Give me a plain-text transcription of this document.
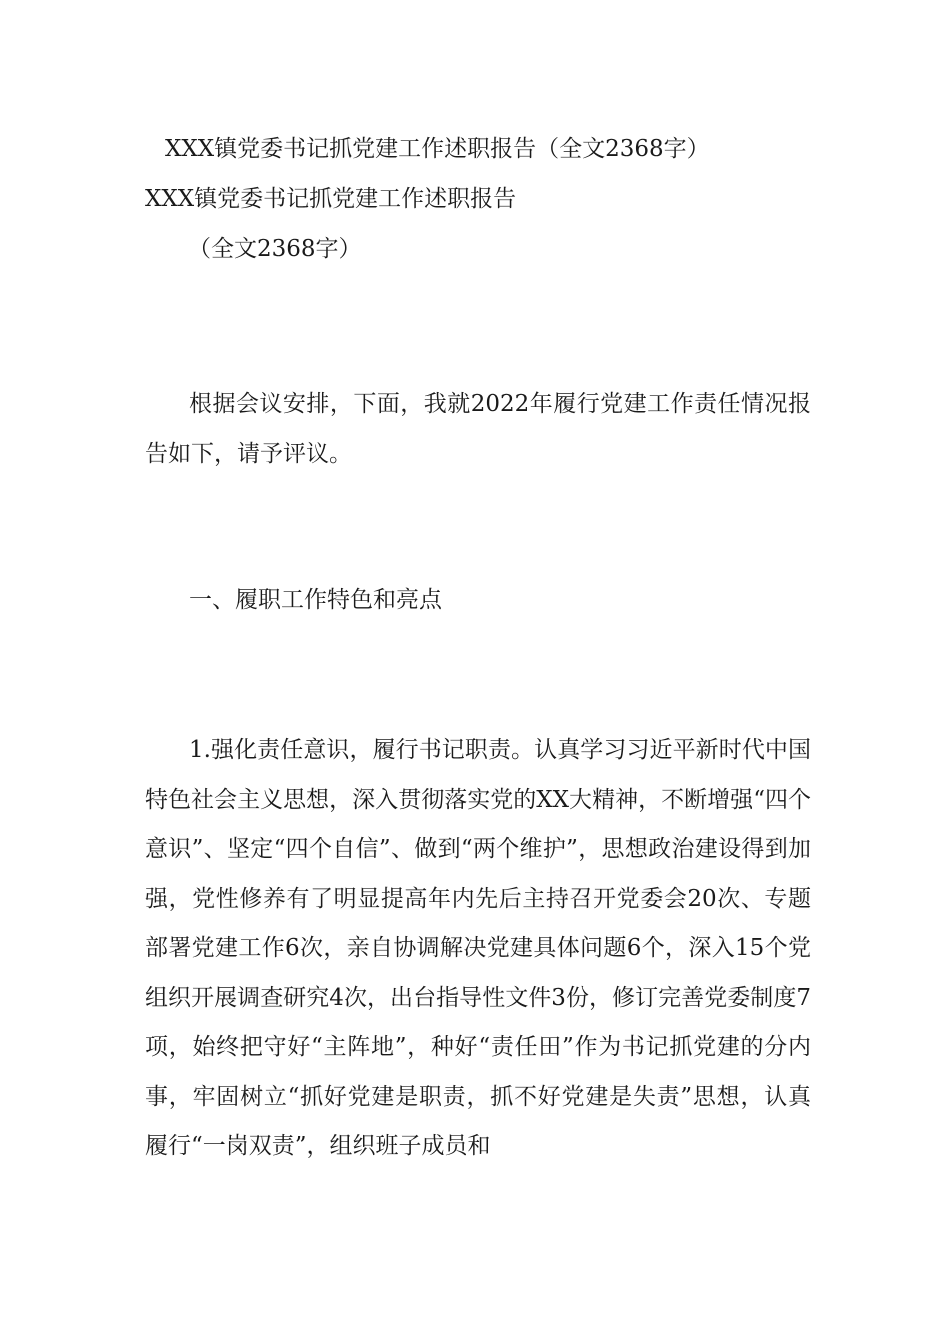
XXX镇党委书记抓党建工作述职报告（全文2368字）
XXX镇党委书记抓党建工作述职报告
（全文2368字）

根据会议安排，下面，我就2022年履行党建工作责任情况报告如下，请予评议。

一、履职工作特色和亮点

1.强化责任意识，履行书记职责。认真学习习近平新时代中国特色社会主义思想，深入贯彻落实党的XX大精神，不断增强“四个意识”、坚定“四个自信”、做到“两个维护”，思想政治建设得到加强，党性修养有了明显提高年内先后主持召开党委会20次、专题部署党建工作6次，亲自协调解决党建具体问题6个，深入15个党组织开展调查研究4次，出台指导性文件3份，修订完善党委制度7项，始终把守好“主阵地”，种好“责任田”作为书记抓党建的分内事，牢固树立“抓好党建是职责，抓不好党建是失责”思想，认真履行“一岗双责”，组织班子成员和
